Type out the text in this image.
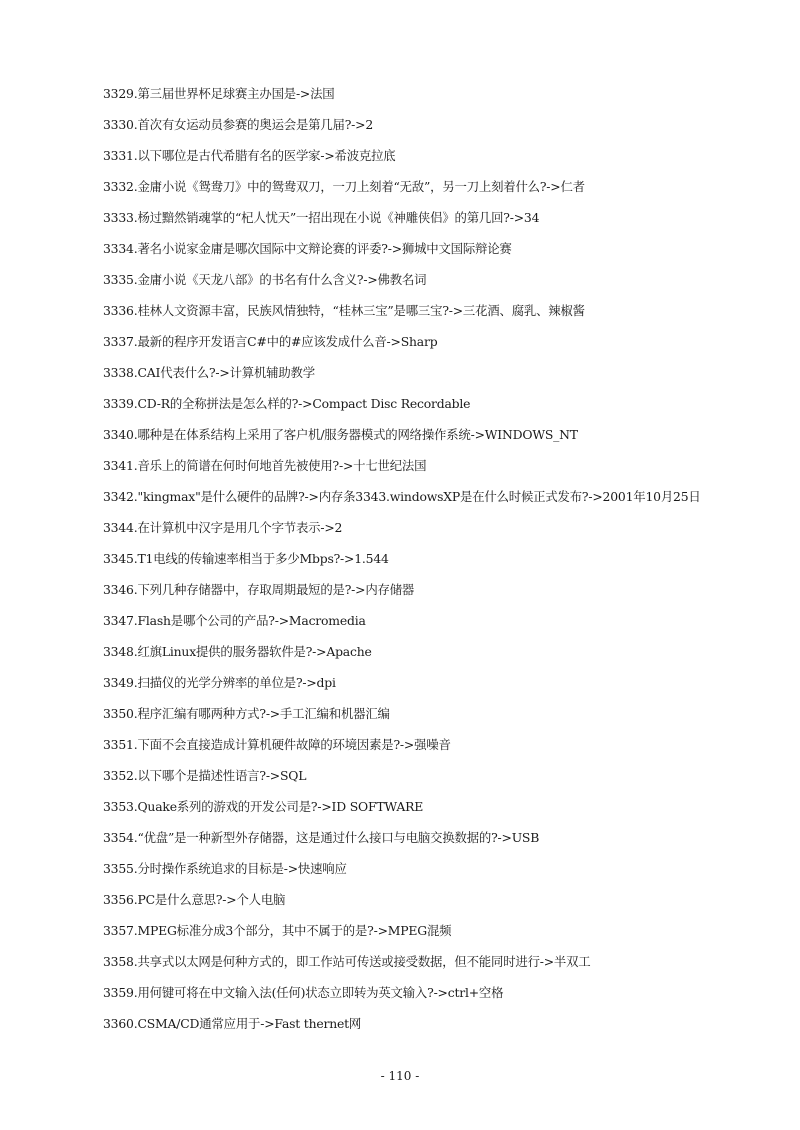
3329.第三届世界杯足球赛主办国是->法国
3330.首次有女运动员参赛的奥运会是第几届?->2
3331.以下哪位是古代希腊有名的医学家->希波克拉底
3332.金庸小说《鸳鸯刀》中的鸳鸯双刀，一刀上刻着“无敌”，另一刀上刻着什么?->仁者
3333.杨过黯然销魂掌的“杞人忧天”一招出现在小说《神雕侠侣》的第几回?->34
3334.著名小说家金庸是哪次国际中文辩论赛的评委?->狮城中文国际辩论赛
3335.金庸小说《天龙八部》的书名有什么含义?->佛教名词
3336.桂林人文资源丰富，民族风情独特，“桂林三宝”是哪三宝?->三花酒、腐乳、辣椒酱
3337.最新的程序开发语言C#中的#应该发成什么音->Sharp
3338.CAI代表什么?->计算机辅助教学
3339.CD-R的全称拼法是怎么样的?->Compact Disc Recordable
3340.哪种是在体系结构上采用了客户机/服务器模式的网络操作系统->WINDOWS_NT
3341.音乐上的简谱在何时何地首先被使用?->十七世纪法国
3342."kingmax"是什么硬件的品牌?->内存条3343.windowsXP是在什么时候正式发布?->2001年10月25日
3344.在计算机中汉字是用几个字节表示->2
3345.T1电线的传输速率相当于多少Mbps?->1.544
3346.下列几种存储器中，存取周期最短的是?->内存储器
3347.Flash是哪个公司的产品?->Macromedia
3348.红旗Linux提供的服务器软件是?->Apache
3349.扫描仪的光学分辨率的单位是?->dpi
3350.程序汇编有哪两种方式?->手工汇编和机器汇编
3351.下面不会直接造成计算机硬件故障的环境因素是?->强噪音
3352.以下哪个是描述性语言?->SQL
3353.Quake系列的游戏的开发公司是?->ID SOFTWARE
3354.“优盘”是一种新型外存储器，这是通过什么接口与电脑交换数据的?->USB
3355.分时操作系统追求的目标是->快速响应
3356.PC是什么意思?->个人电脑
3357.MPEG标准分成3个部分，其中不属于的是?->MPEG混频
3358.共享式以太网是何种方式的，即工作站可传送或接受数据，但不能同时进行->半双工
3359.用何键可将在中文输入法(任何)状态立即转为英文输入?->ctrl+空格
3360.CSMA/CD通常应用于->Fast thernet网
- 110 -
